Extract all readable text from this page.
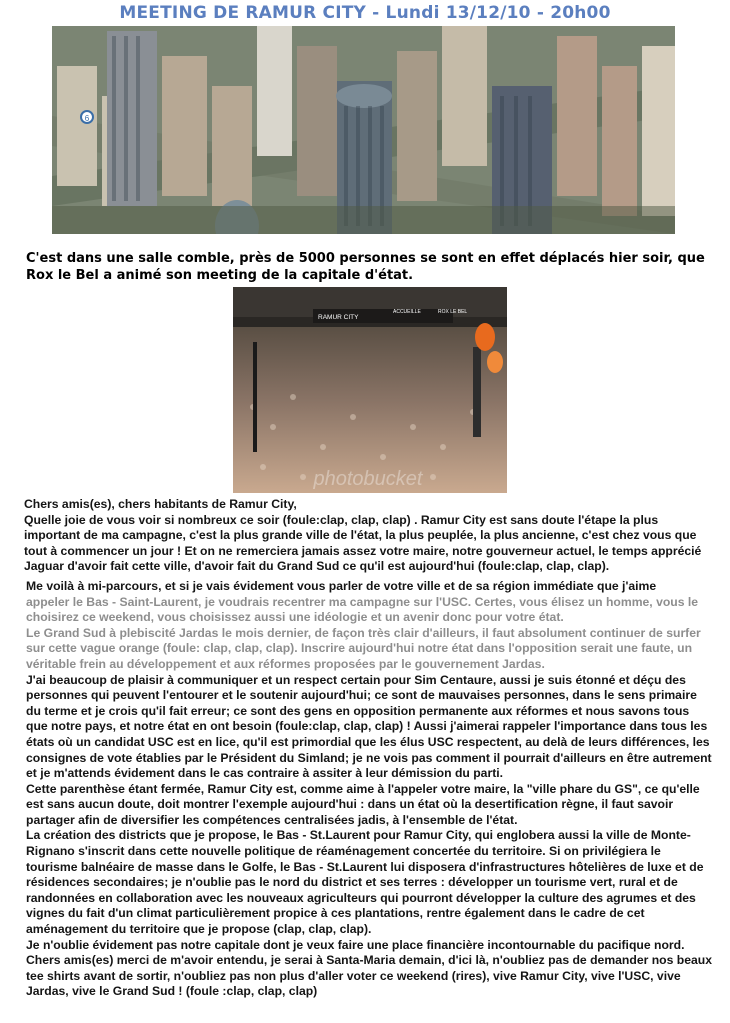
MEETING DE RAMUR CITY - Lundi 13/12/10 - 20h00
6

C'est dans une salle comble, près de 5000 personnes se sont en effet déplacés hier soir, que Rox le Bel a animé son meeting de la capitale d'état.

RAMUR CITY
ACCUEILLE	ROX LE BEL
photobucket

Chers amis(es), chers habitants de Ramur City,

Quelle joie de vous voir si nombreux ce soir (foule:clap, clap, clap) . Ramur City est sans doute l'étape la plus important de ma campagne, c'est la plus grande ville de l'état, la plus peuplée, la plus ancienne, c'est chez vous que tout à commencer un jour ! Et on ne remerciera jamais assez votre maire, notre gouverneur actuel, le temps apprécié Jaguar d'avoir fait cette ville, d'avoir fait du Grand Sud ce qu'il est aujourd'hui (foule:clap, clap, clap).

Me voilà à mi-parcours, et si je vais évidement vous parler de votre ville et de sa région immédiate que j'aime

appeler le Bas - Saint-Laurent, je voudrais recentrer ma campagne sur l'USC. Certes, vous élisez un homme, vous le choisirez ce weekend, vous choisissez aussi une idéologie et un avenir donc pour votre état.

Le Grand Sud à plebiscité Jardas le mois dernier, de façon très clair d'ailleurs, il faut absolument continuer de surfer sur cette vague orange (foule: clap, clap, clap). Inscrire aujourd'hui notre état dans l'opposition serait une faute, un véritable frein au développement et aux réformes proposées par le gouvernement Jardas.

J'ai beaucoup de plaisir à communiquer et un respect certain pour Sim Centaure, aussi je suis étonné et déçu des personnes qui peuvent l'entourer et le soutenir aujourd'hui; ce sont de mauvaises personnes, dans le sens primaire du terme et je crois qu'il fait erreur; ce sont des gens en opposition permanente aux réformes et nous savons tous que notre pays, et notre état en ont besoin (foule:clap, clap, clap) ! Aussi j'aimerai rappeler l'importance dans tous les états où un candidat USC est en lice, qu'il est primordial que les élus USC respectent, au delà de leurs différences, les consignes de vote établies par le Président du Simland; je ne vois pas comment il pourrait d'ailleurs en être autrement et je m'attends évidement dans le cas contraire à assiter à leur démission du parti.

Cette parenthèse étant fermée, Ramur City est, comme aime à l'appeler votre maire, la "ville phare du GS", ce qu'elle est sans aucun doute, doit montrer l'exemple aujourd'hui : dans un état où la desertification règne, il faut savoir partager afin de diversifier les compétences centralisées jadis, à l'ensemble de l'état.

La création des districts que je propose, le Bas - St.Laurent pour Ramur City, qui englobera aussi la ville de Monte-Rignano s'inscrit dans cette nouvelle politique de réaménagement concertée du territoire. Si on privilégiera le tourisme balnéaire de masse dans le Golfe, le Bas - St.Laurent lui disposera d'infrastructures hôtelières de luxe et de résidences secondaires; je n'oublie pas le nord du district et ses terres : développer un tourisme vert, rural et de randonnées en collaboration avec les nouveaux agriculteurs qui pourront développer la culture des agrumes et des vignes du fait d'un climat particulièrement propice à ces plantations, rentre également dans le cadre de cet aménagement du territoire que je propose (clap, clap, clap).

Je n'oublie évidement pas notre capitale dont je veux faire une place financière incontournable du pacifique nord.

Chers amis(es) merci de m'avoir entendu, je serai à Santa-Maria demain, d'ici là, n'oubliez pas de demander nos beaux tee shirts avant de sortir, n'oubliez pas non plus d'aller voter ce weekend (rires), vive Ramur City, vive l'USC, vive Jardas, vive le Grand Sud ! (foule :clap, clap, clap)
